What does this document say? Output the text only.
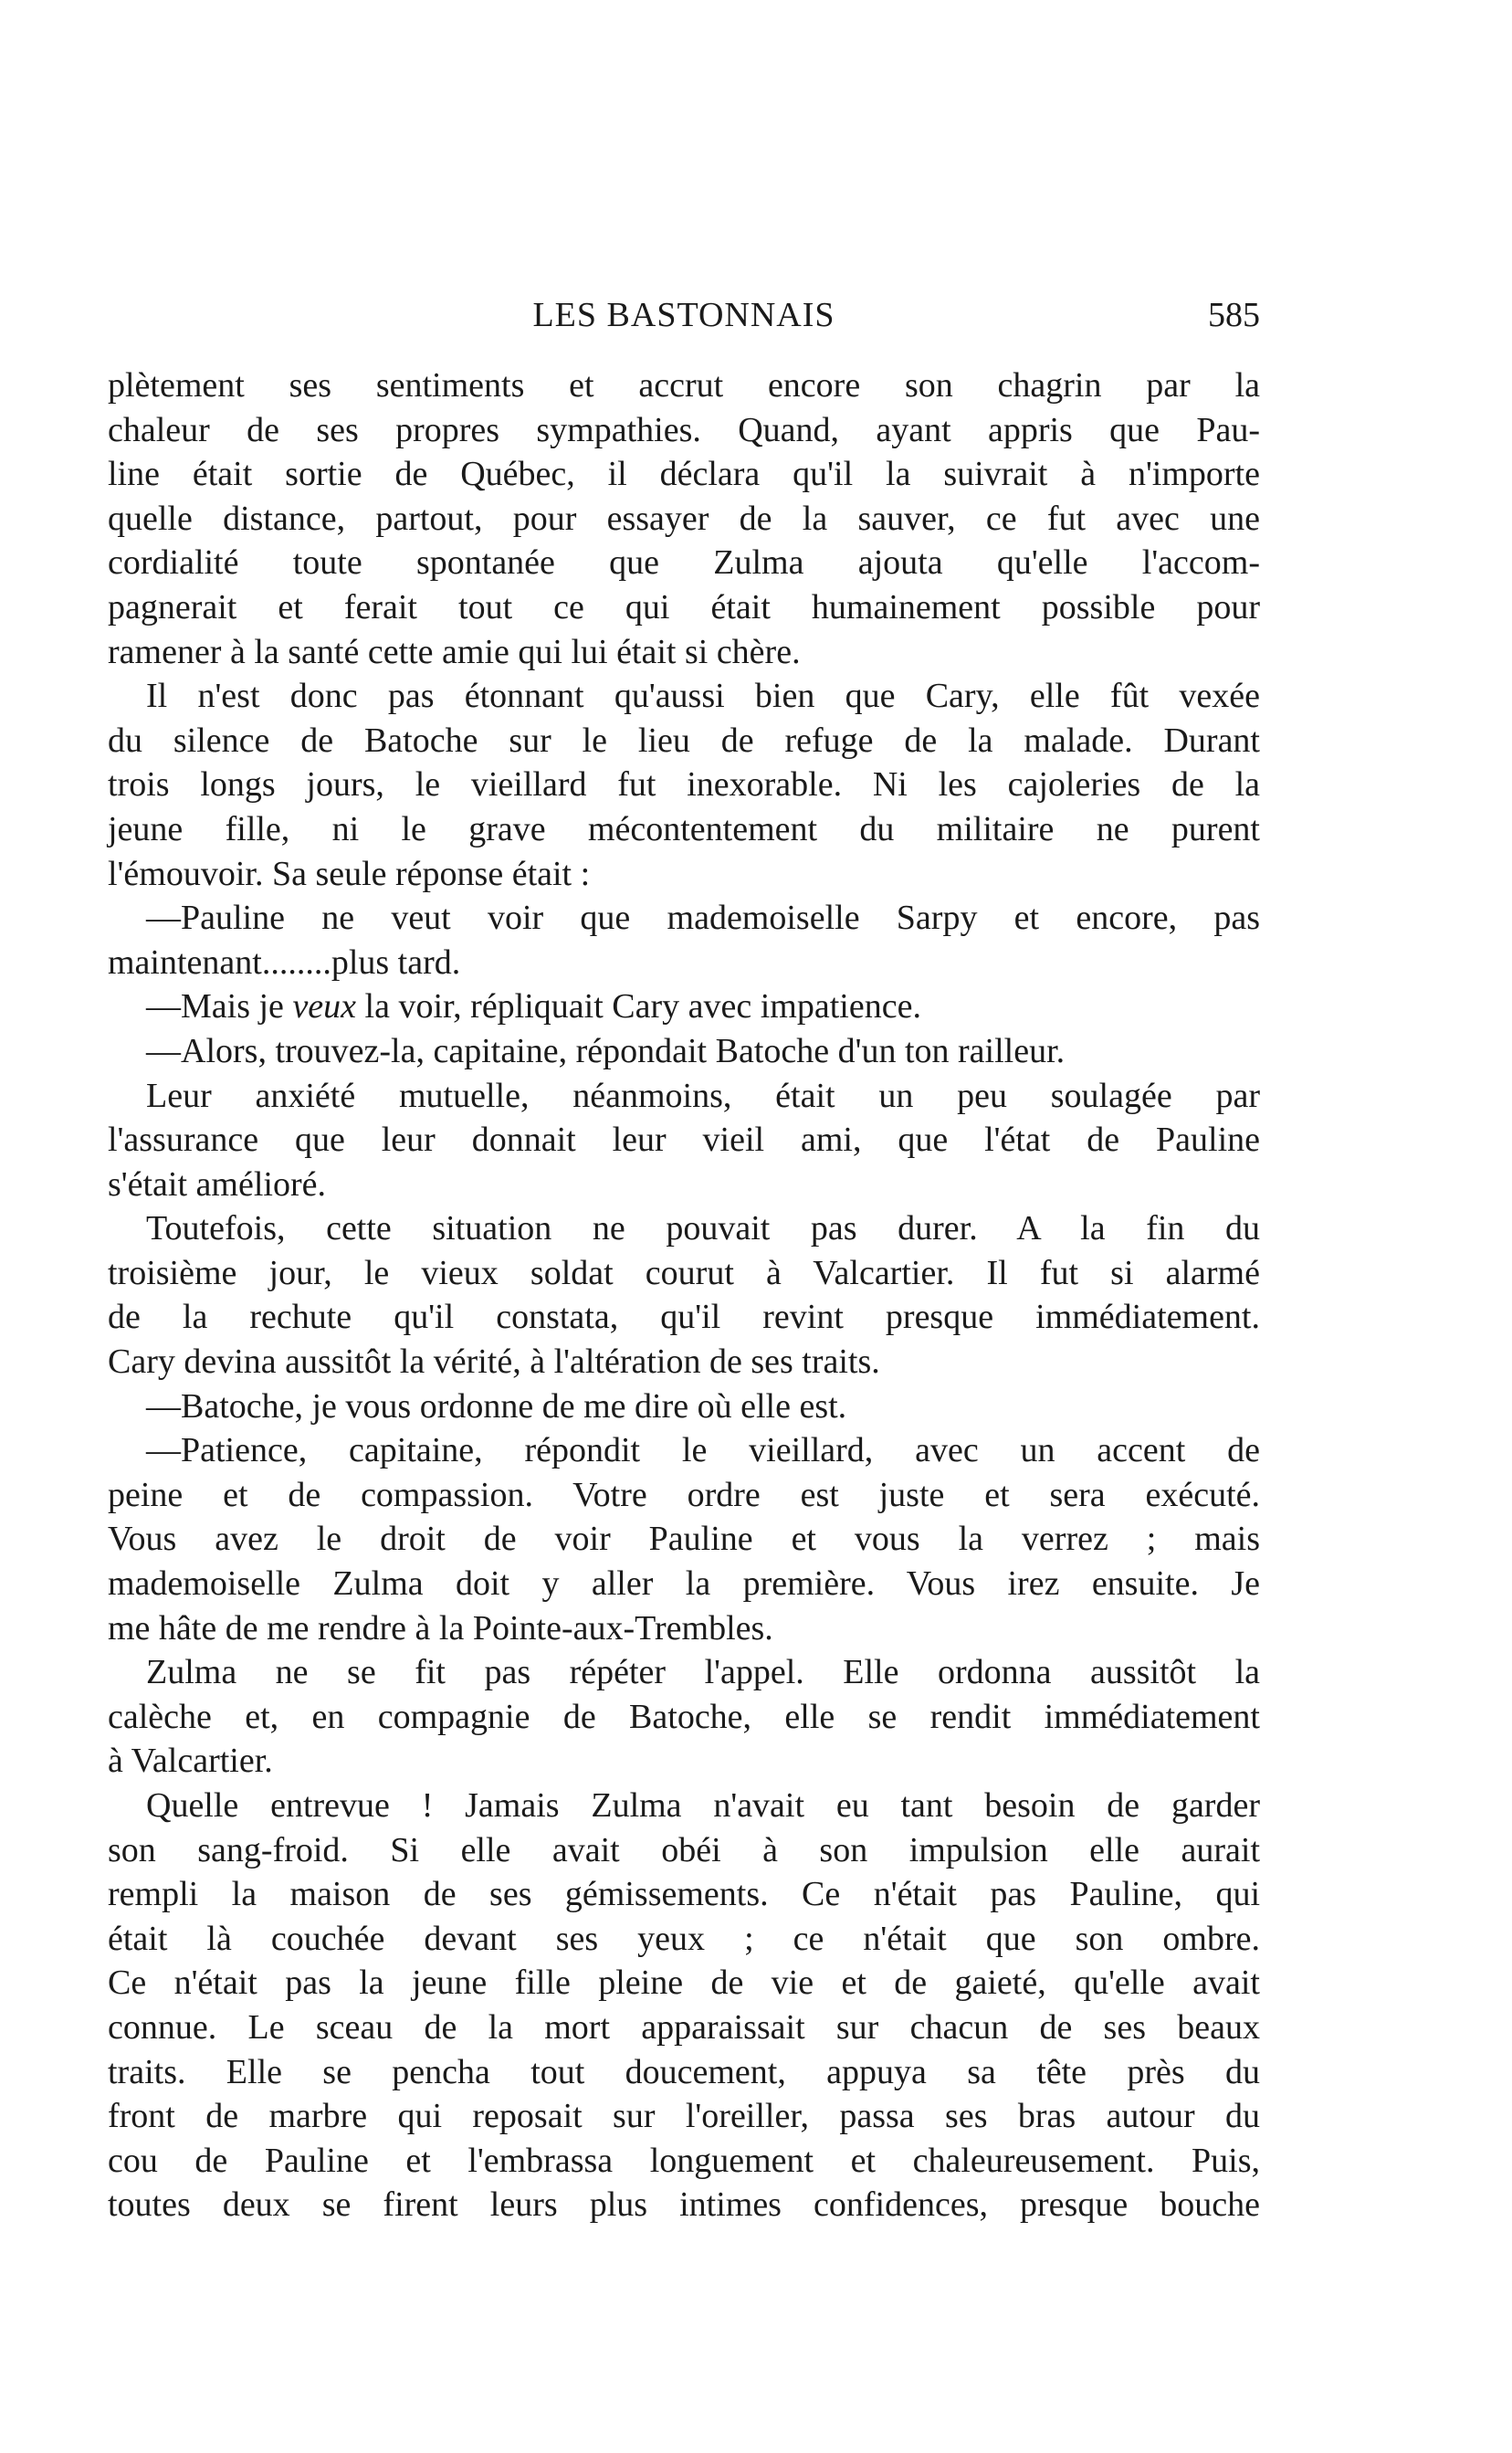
LES BASTONNAIS	585
plètement ses sentiments et accrut encore son chagrin par la
chaleur de ses propres sympathies. Quand, ayant appris que Pau-
line était sortie de Québec, il déclara qu'il la suivrait à n'importe
quelle distance, partout, pour essayer de la sauver, ce fut avec une
cordialité toute spontanée que Zulma ajouta qu'elle l'accom-
pagnerait et ferait tout ce qui était humainement possible pour
ramener à la santé cette amie qui lui était si chère.
Il n'est donc pas étonnant qu'aussi bien que Cary, elle fût vexée
du silence de Batoche sur le lieu de refuge de la malade. Durant
trois longs jours, le vieillard fut inexorable. Ni les cajoleries de la
jeune fille, ni le grave mécontentement du militaire ne purent
l'émouvoir. Sa seule réponse était :
—Pauline ne veut voir que mademoiselle Sarpy et encore, pas
maintenant........plus tard.
—Mais je veux la voir, répliquait Cary avec impatience.
—Alors, trouvez-la, capitaine, répondait Batoche d'un ton railleur.
Leur anxiété mutuelle, néanmoins, était un peu soulagée par
l'assurance que leur donnait leur vieil ami, que l'état de Pauline
s'était amélioré.
Toutefois, cette situation ne pouvait pas durer. A la fin du
troisième jour, le vieux soldat courut à Valcartier. Il fut si alarmé
de la rechute qu'il constata, qu'il revint presque immédiatement.
Cary devina aussitôt la vérité, à l'altération de ses traits.
—Batoche, je vous ordonne de me dire où elle est.
—Patience, capitaine, répondit le vieillard, avec un accent de
peine et de compassion. Votre ordre est juste et sera exécuté.
Vous avez le droit de voir Pauline et vous la verrez ; mais
mademoiselle Zulma doit y aller la première. Vous irez ensuite. Je
me hâte de me rendre à la Pointe-aux-Trembles.
Zulma ne se fit pas répéter l'appel. Elle ordonna aussitôt la
calèche et, en compagnie de Batoche, elle se rendit immédiatement
à Valcartier.
Quelle entrevue ! Jamais Zulma n'avait eu tant besoin de garder
son sang-froid. Si elle avait obéi à son impulsion elle aurait
rempli la maison de ses gémissements. Ce n'était pas Pauline, qui
était là couchée devant ses yeux ; ce n'était que son ombre.
Ce n'était pas la jeune fille pleine de vie et de gaieté, qu'elle avait
connue. Le sceau de la mort apparaissait sur chacun de ses beaux
traits. Elle se pencha tout doucement, appuya sa tête près du
front de marbre qui reposait sur l'oreiller, passa ses bras autour du
cou de Pauline et l'embrassa longuement et chaleureusement. Puis,
toutes deux se firent leurs plus intimes confidences, presque bouche
